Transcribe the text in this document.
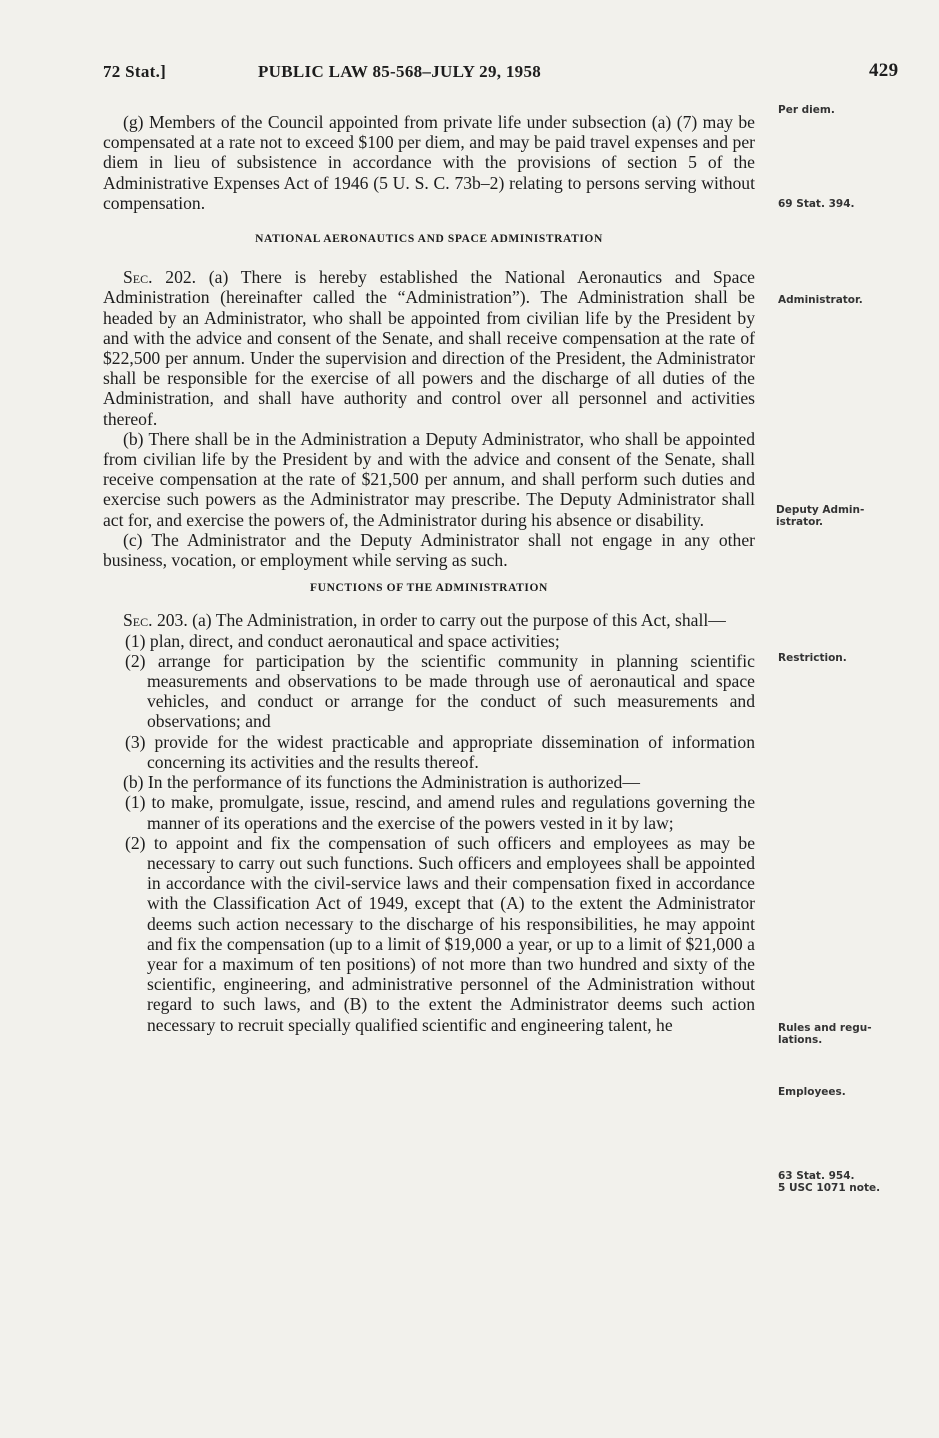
72 Stat.]	PUBLIC LAW 85-568–JULY 29, 1958	429

(g) Members of the Council appointed from private life under subsection (a) (7) may be compensated at a rate not to exceed $100 per diem, and may be paid travel expenses and per diem in lieu of subsistence in accordance with the provisions of section 5 of the Administrative Expenses Act of 1946 (5 U. S. C. 73b–2) relating to persons serving without compensation.

NATIONAL AERONAUTICS AND SPACE ADMINISTRATION

Sec. 202. (a) There is hereby established the National Aeronautics and Space Administration (hereinafter called the “Administration”). The Administration shall be headed by an Administrator, who shall be appointed from civilian life by the President by and with the advice and consent of the Senate, and shall receive compensation at the rate of $22,500 per annum. Under the supervision and direction of the President, the Administrator shall be responsible for the exercise of all powers and the discharge of all duties of the Administration, and shall have authority and control over all personnel and activities thereof.

(b) There shall be in the Administration a Deputy Administrator, who shall be appointed from civilian life by the President by and with the advice and consent of the Senate, shall receive compensation at the rate of $21,500 per annum, and shall perform such duties and exercise such powers as the Administrator may prescribe. The Deputy Administrator shall act for, and exercise the powers of, the Administrator during his absence or disability.

(c) The Administrator and the Deputy Administrator shall not engage in any other business, vocation, or employment while serving as such.

FUNCTIONS OF THE ADMINISTRATION

Sec. 203. (a) The Administration, in order to carry out the purpose of this Act, shall—

(1) plan, direct, and conduct aeronautical and space activities;

(2) arrange for participation by the scientific community in planning scientific measurements and observations to be made through use of aeronautical and space vehicles, and conduct or arrange for the conduct of such measurements and observations; and

(3) provide for the widest practicable and appropriate dissemination of information concerning its activities and the results thereof.

(b) In the performance of its functions the Administration is authorized—

(1) to make, promulgate, issue, rescind, and amend rules and regulations governing the manner of its operations and the exercise of the powers vested in it by law;

(2) to appoint and fix the compensation of such officers and employees as may be necessary to carry out such functions. Such officers and employees shall be appointed in accordance with the civil-service laws and their compensation fixed in accordance with the Classification Act of 1949, except that (A) to the extent the Administrator deems such action necessary to the discharge of his responsibilities, he may appoint and fix the compensation (up to a limit of $19,000 a year, or up to a limit of $21,000 a year for a maximum of ten positions) of not more than two hundred and sixty of the scientific, engineering, and administrative personnel of the Administration without regard to such laws, and (B) to the extent the Administrator deems such action necessary to recruit specially qualified scientific and engineering talent, he

Per diem.
69 Stat. 394.
Administrator.
Deputy Admin-
istrator.
Restriction.
Rules and regu-
lations.
Employees.
63 Stat. 954.
5 USC 1071 note.
